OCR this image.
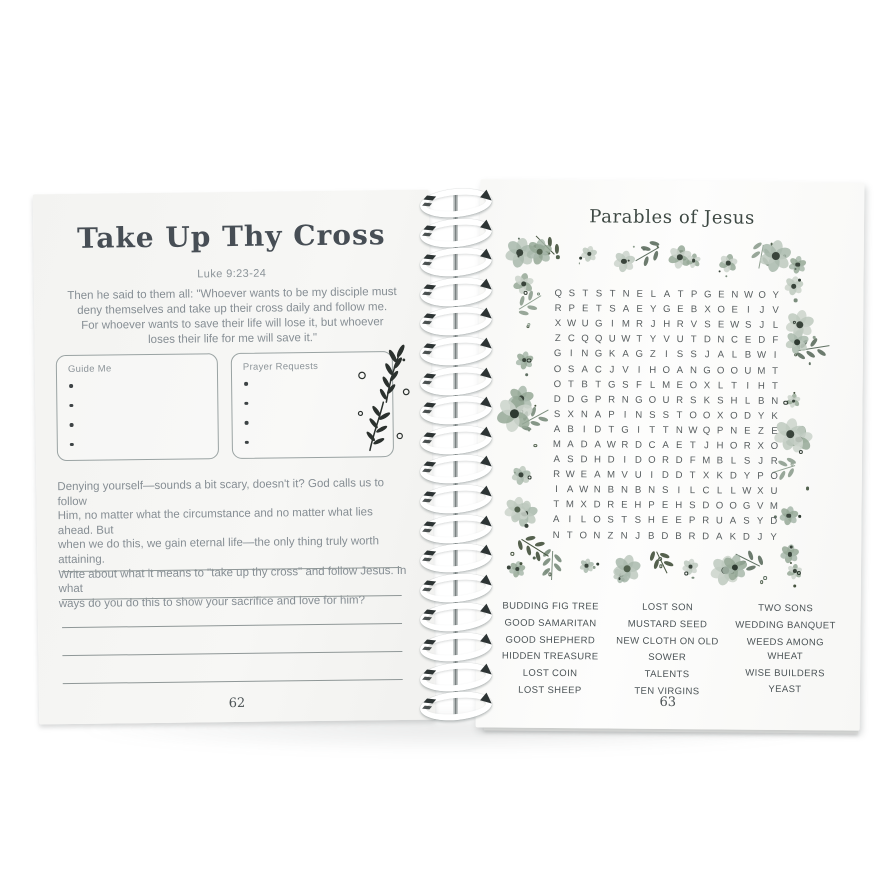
Take Up Thy Cross
Luke 9:23-24
Then he said to them all: "Whoever wants to be my disciple must
deny themselves and take up their cross daily and follow me.
For whoever wants to save their life will lose it, but whoever
loses their life for me will save it."
Guide Me	Prayer Requests
Denying yourself—sounds a bit scary, doesn't it? God calls us to follow
Him, no matter what the circumstance and no matter what lies ahead. But
when we do this, we gain eternal life—the only thing truly worth attaining.
Write about what it means to "take up thy cross" and follow Jesus. In what
ways do you do this to show your sacrifice and love for him?
62
Parables of Jesus
Q S T S T N E L A T P G E N W O Y
R P E T S A E Y G E B X O E I	J V
X W U G I M R J H R V S E W S J L
Z C Q Q U W T Y V U T D N C E D F
G I N G K A G Z I S S J A L B W I
O S A C J V I H O A N G O O U M T
O T B T G S F L M E O X L T I H T
D D G P R N G O U R S K S H L B N
S X N A P I N S S T O O X O D Y K
A B I D T G I T T N W Q P N E Z E
M A D A W R D C A E T J H O R X O
A S D H D I D O R D F M B L S J R
R W E A M V U I D D T X K D Y P O
I A W N B N B N S I L C L L W X U
T M X D R E H P E H S D O O G V M
A I L O S T S H E E P R U A S Y D
N T O N Z N J B D B R D A K D J Y
BUDDING FIG TREE
GOOD SAMARITAN
GOOD SHEPHERD
HIDDEN TREASURE
LOST COIN
LOST SHEEP
LOST SON
MUSTARD SEED
NEW CLOTH ON OLD
SOWER
TALENTS
TEN VIRGINS
TWO SONS
WEDDING BANQUET
WEEDS AMONG
WHEAT
WISE BUILDERS
YEAST
63
